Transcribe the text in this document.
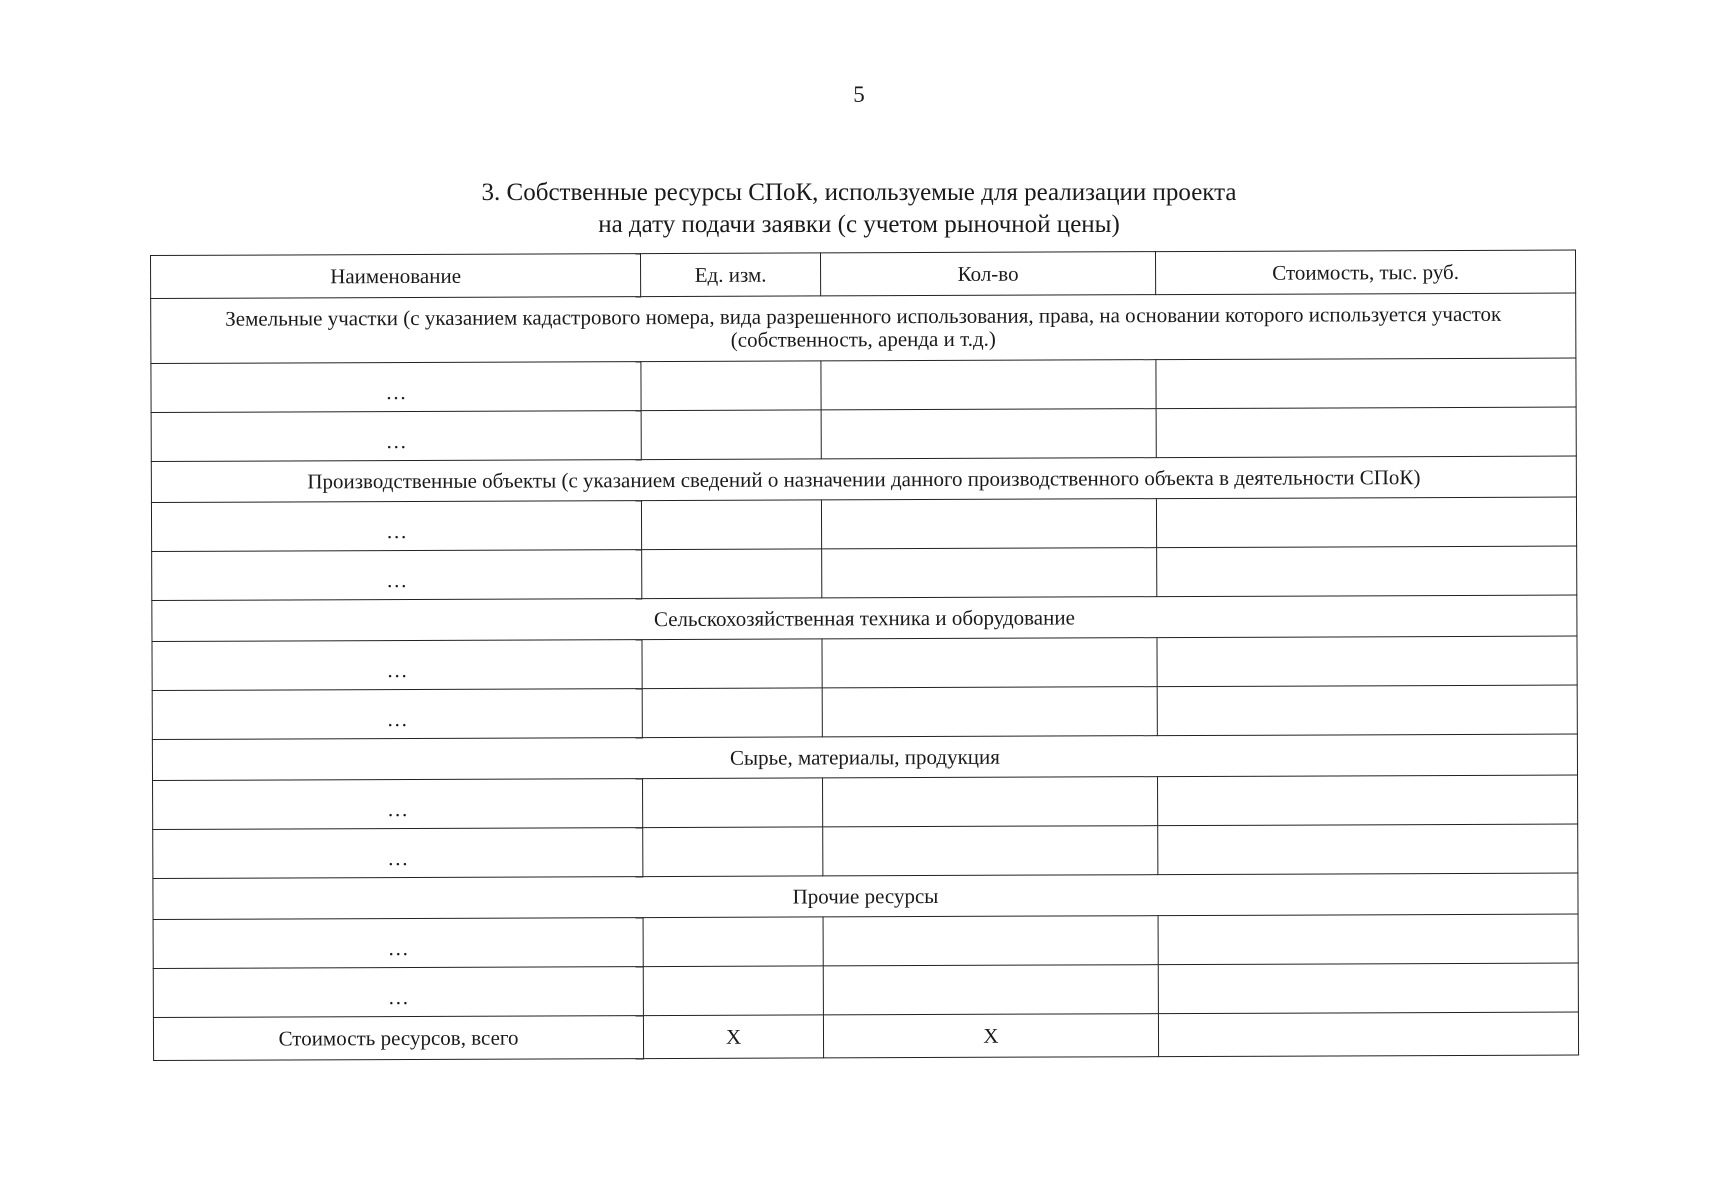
5
3. Собственные ресурсы СПоК, используемые для реализации проекта
на дату подачи заявки (с учетом рыночной цены)
Наименование	Ед. изм.	Кол-во	Стоимость, тыс. руб.
Земельные участки (с указанием кадастрового номера, вида разрешенного использования, права, на основании которого используется участок (собственность, аренда и т.д.)			
…			
…			
Производственные объекты (с указанием сведений о назначении данного производственного объекта в деятельности СПоК)			
…			
…			
Сельскохозяйственная техника и оборудование			
…			
…			
Сырье, материалы, продукция			
…			
…			
Прочие ресурсы			
…			
…			
Стоимость ресурсов, всего	Х	Х	
